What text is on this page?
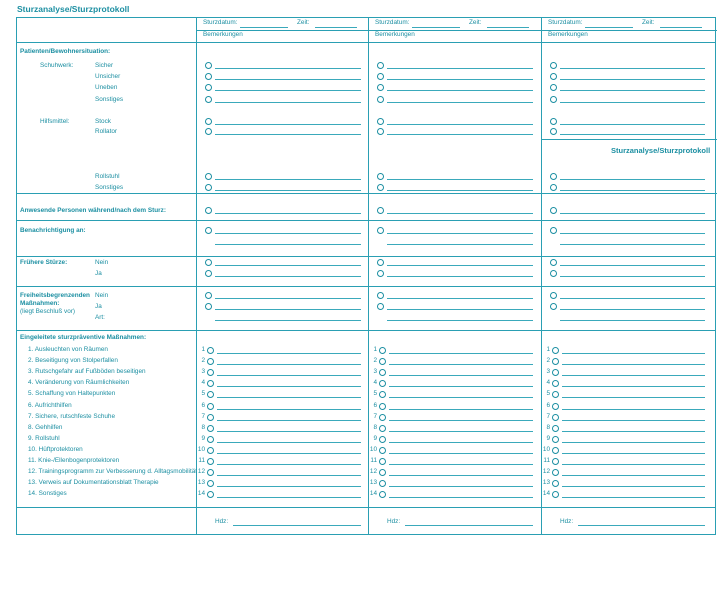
Sturzanalyse/Sturzprotokoll
Sturzanalyse/Sturzprotokoll
Sturzdatum:	Zeit:
Bemerkungen
Sturzdatum:	Zeit:
Bemerkungen
Sturzdatum:	Zeit:
Bemerkungen
Patienten/Bewohnersituation:
Schuhwerk:	Sicher
Unsicher
Uneben
Sonstiges
Hilfsmittel:	Stock
Rollator
Rollstuhl
Sonstiges
Anwesende Personen während/nach dem Sturz:
Benachrichtigung an:
Frühere Stürze:	Nein
Ja
Freiheitsbegrenzenden
Maßnahmen:
(liegt Beschluß vor)
Nein
Ja
Art:
Eingeleitete sturzpräventive Maßnahmen:
1. Ausleuchten von Räumen	1	1	1
2. Beseitigung von Stolperfallen	2	2	2
3. Rutschgefahr auf Fußböden beseitigen	3	3	3
4. Veränderung von Räumlichkeiten	4	4	4
5. Schaffung von Haltepunkten	5	5	5
6. Aufrichthilfen	6	6	6
7. Sichere, rutschfeste Schuhe	7	7	7
8. Gehhilfen	8	8	8
9. Rollstuhl	9	9	9
10. Hüftprotektoren	10	10	10
11. Knie-/Ellenbogenprotektoren	11	11	11
12. Trainingsprogramm zur Verbesserung d. Alltagsmobilität 12	12	12
13. Verweis auf Dokumentationsblatt Therapie	13	13	13
14. Sonstiges	14	14	14
Hdz:	Hdz:	Hdz:
